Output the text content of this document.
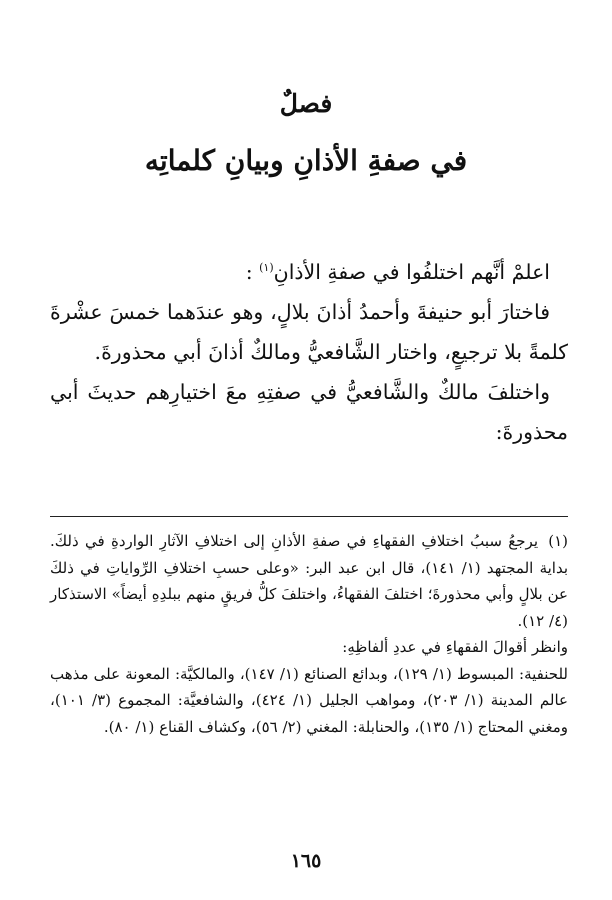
فصلٌ
في صفةِ الأذانِ وبيانِ كلماتِه

اعلمْ أنَّهم اختلفُوا في صفةِ الأذانِ$^{(١)}$ :

فاختارَ أبو حنيفةَ وأحمدُ أذانَ بلالٍ، وهو عندَهما خمسَ عشْرةَ كلمةً بلا ترجيعٍ، واختار الشَّافعيُّ ومالكٌ أذانَ أبي محذورةَ.

واختلفَ مالكٌ والشَّافعيُّ في صفتِهِ معَ اختيارِهم حديثَ أبي محذورةَ:

(١)يرجعُ سببُ اختلافِ الفقهاءِ في صفةِ الأذانِ إلى اختلافِ الآثارِ الواردةِ في ذلكَ. بداية المجتهد (١/ ١٤١)، قال ابن عبد البر: «وعلى حسبِ اختلافِ الرِّواياتِ في ذلكَ عن بلالٍ وأبي محذورةَ؛ اختلفَ الفقهاءُ، واختلفَ كلُّ فريقٍ منهم ببلدِهِ أيضاً» الاستذكار (٤/ ١٢).

وانظر أقوالَ الفقهاءِ في عددِ ألفاظِهِ:

للحنفية: المبسوط (١/ ١٢٩)، وبدائع الصنائع (١/ ١٤٧)، والمالكيَّة: المعونة على مذهب عالم المدينة (١/ ٢٠٣)، ومواهب الجليل (١/ ٤٢٤)، والشافعيَّة: المجموع (٣/ ١٠١)، ومغني المحتاج (١/ ١٣٥)، والحنابلة: المغني (٢/ ٥٦)، وكشاف القناع (١/ ٨٠).

١٦٥
